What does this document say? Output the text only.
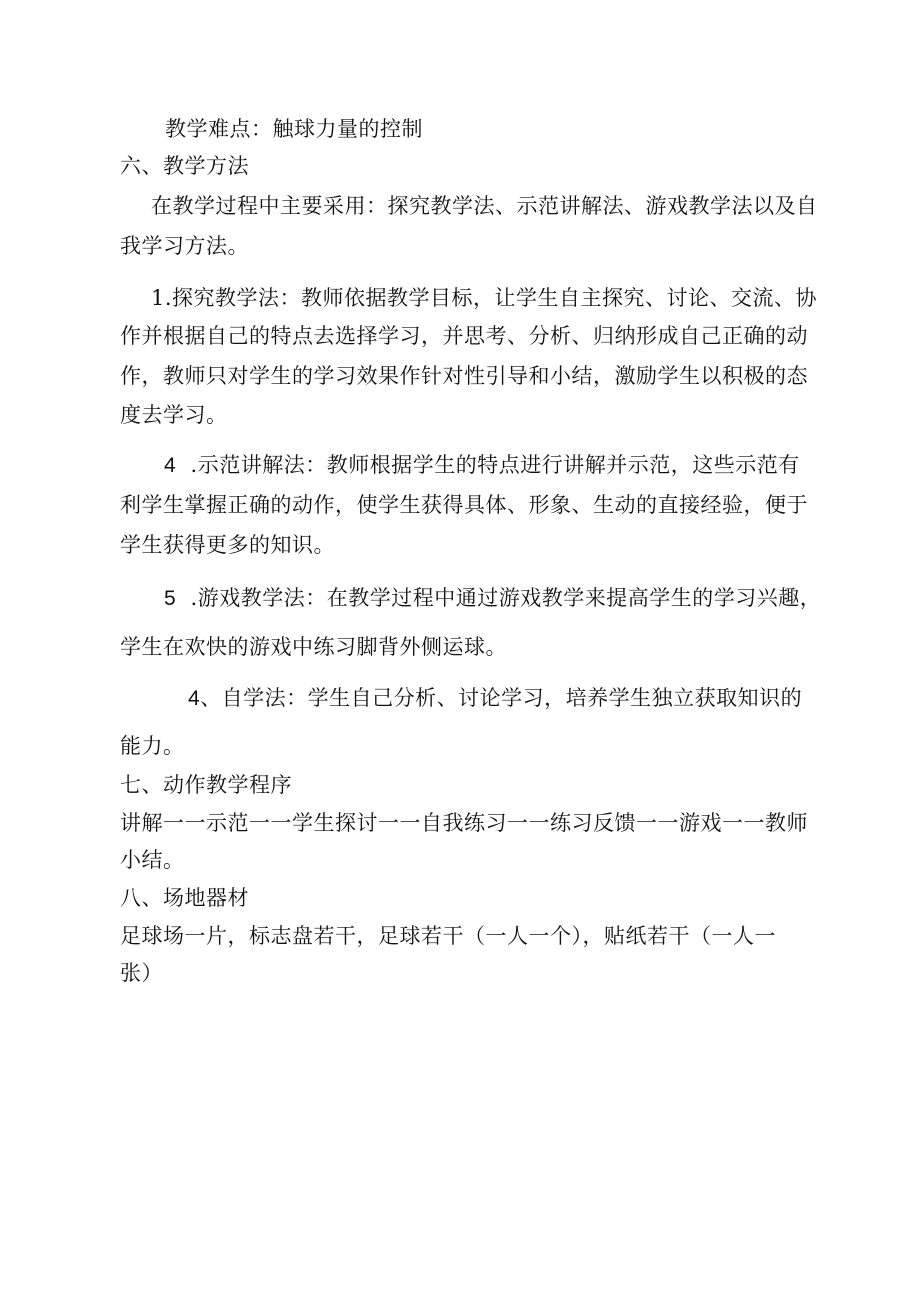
教学难点：触球力量的控制
六、教学方法
在教学过程中主要采用：探究教学法、示范讲解法、游戏教学法以及自
我学习方法。
1.探究教学法：教师依据教学目标，让学生自主探究、讨论、交流、协
作并根据自己的特点去选择学习，并思考、分析、归纳形成自己正确的动
作，教师只对学生的学习效果作针对性引导和小结，激励学生以积极的态
度去学习。
4 .示范讲解法：教师根据学生的特点进行讲解并示范，这些示范有
利学生掌握正确的动作，使学生获得具体、形象、生动的直接经验，便于
学生获得更多的知识。
5 .游戏教学法：在教学过程中通过游戏教学来提高学生的学习兴趣，
学生在欢快的游戏中练习脚背外侧运球。
4、自学法：学生自己分析、讨论学习，培养学生独立获取知识的
能力。
七、动作教学程序
讲解一一示范一一学生探讨一一自我练习一一练习反馈一一游戏一一教师
小结。
八、场地器材
足球场一片，标志盘若干，足球若干（一人一个），贴纸若干（一人一
张）
